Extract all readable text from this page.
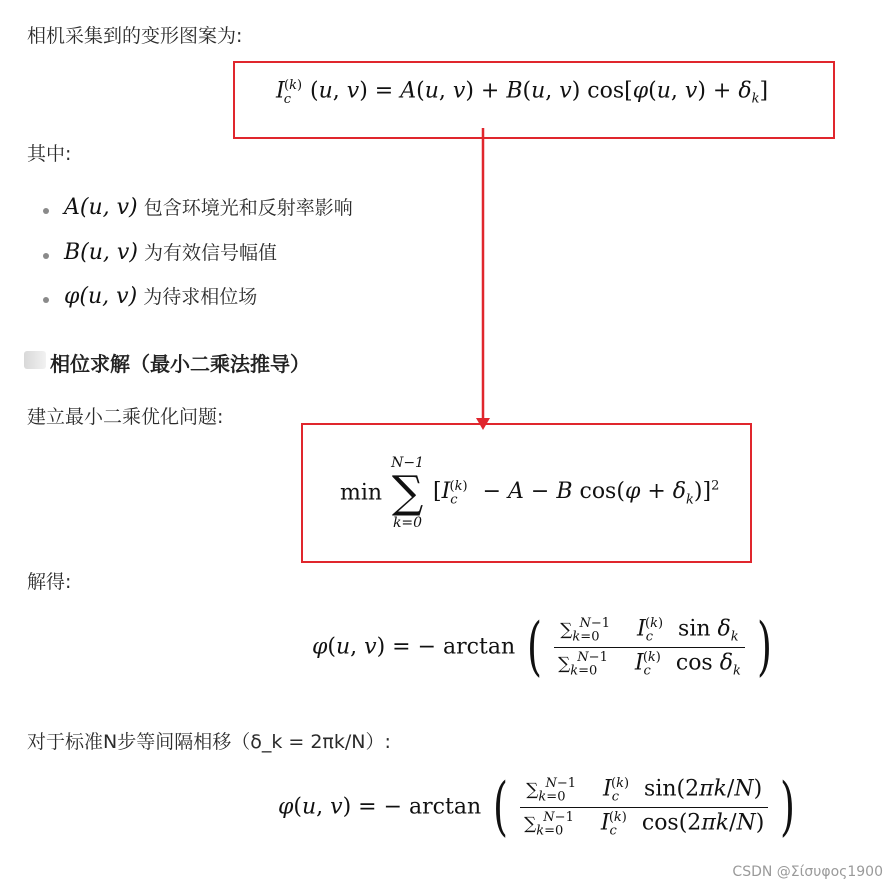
相机采集到的变形图案为:
$I_c^{(k)}$ (u, v) = A(u, v) + B(u, v) cos[φ(u, $v) + \delta_k$]
其中:
A(u, v) 包含环境光和反射率影响
B(u, v) 为有效信号幅值
φ(u, v) 为待求相位场
相位求解（最小二乘法推导）
建立最小二乘优化问题:
min
N−1
∑
k=0
[$I_c^{(k)} - A - B$ $\cos(\varphi + \delta_k)]^2$
解得:
φ(u, v) = − arctan ( $\frac{\sum_{k=0}^{N-1} I_c^{(k)} \sin \delta_k}{\sum_{k=0}^{N-1} I_c^{(k)} \cos \delta_k}$ )
对于标准N步等间隔相移（δ_k = 2πk/N）:
φ(u, v) = − arctan ( $\frac{\sum_{k=0}^{N-1} I_c^{(k)} \sin(2\pi k/N)}{\sum_{k=0}^{N-1} I_c^{(k)} \cos(2\pi k/N)}$ )
CSDN @Σίσυφος1900
